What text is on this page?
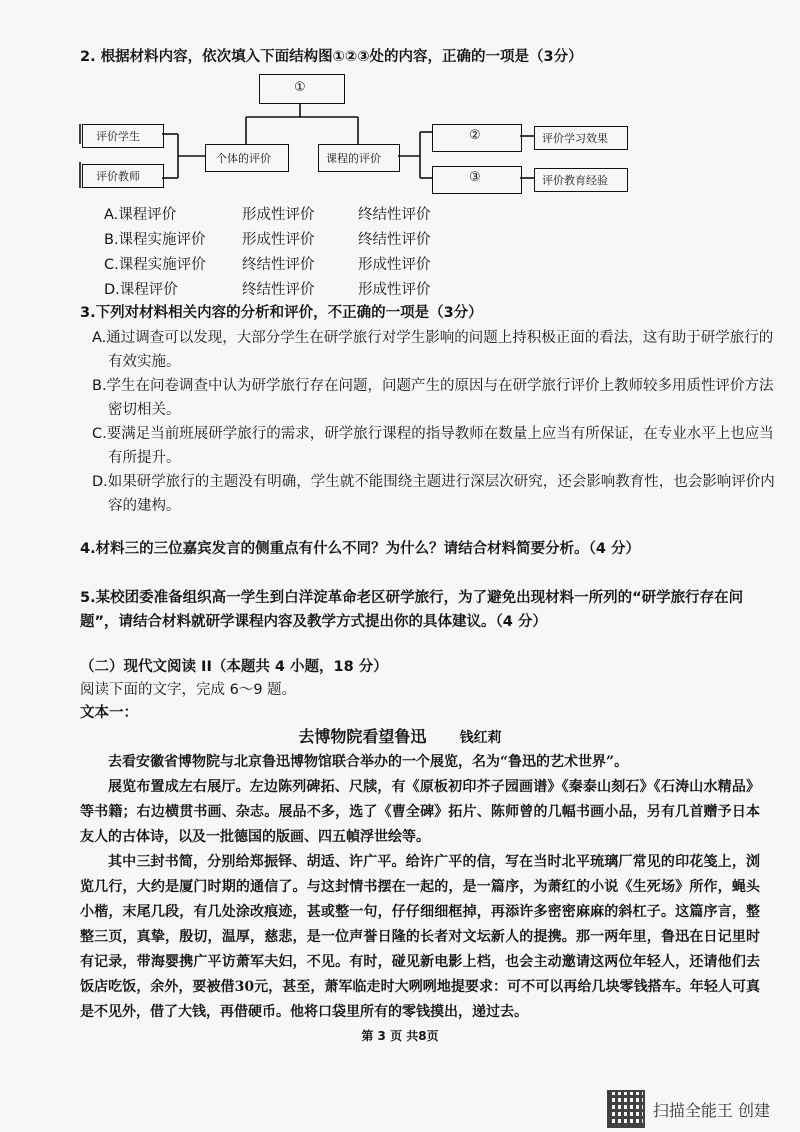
2. 根据材料内容，依次填入下面结构图①②③处的内容，正确的一项是（3分）
①
评价学生
评价教师
个体的评价	课程的评价
②
③
评价学习效果
评价教育经验
A.课程评价	形成性评价	终结性评价
B.课程实施评价	形成性评价	终结性评价
C.课程实施评价	终结性评价	形成性评价
D.课程评价	终结性评价	形成性评价
3.下列对材料相关内容的分析和评价，不正确的一项是（3分）
A.通过调查可以发现，大部分学生在研学旅行对学生影响的问题上持积极正面的看法，这有助于研学旅行的有效实施。
B.学生在问卷调查中认为研学旅行存在问题，问题产生的原因与在研学旅行评价上教师较多用质性评价方法密切相关。
C.要满足当前班展研学旅行的需求，研学旅行课程的指导教师在数量上应当有所保证，在专业水平上也应当有所提升。
D.如果研学旅行的主题没有明确，学生就不能围绕主题进行深层次研究，还会影响教育性，也会影响评价内容的建构。
4.材料三的三位嘉宾发言的侧重点有什么不同？为什么？请结合材料简要分析。（4 分）
5.某校团委准备组织高一学生到白洋淀革命老区研学旅行，为了避免出现材料一所列的“研学旅行存在问题”，请结合材料就研学课程内容及教学方式提出你的具体建议。（4 分）
（二）现代文阅读 II（本题共 4 小题，18 分）
阅读下面的文字，完成 6～9 题。
文本一：
去博物院看望鲁迅 钱红莉

去看安徽省博物院与北京鲁迅博物馆联合举办的一个展览，名为“鲁迅的艺术世界”。

展览布置成左右展厅。左边陈列碑拓、尺牍，有《原板初印芥子园画谱》《秦泰山刻石》《石涛山水精品》等书籍；右边横贯书画、杂志。展品不多，选了《曹全碑》拓片、陈师曾的几幅书画小品，另有几首赠予日本友人的古体诗，以及一批德国的版画、四五幀浮世绘等。

其中三封书简，分别给郑振铎、胡适、许广平。给许广平的信，写在当时北平琉璃厂常见的印花笺上，浏览几行，大约是厦门时期的通信了。与这封情书摆在一起的，是一篇序，为萧红的小说《生死场》所作，蝇头小楷，末尾几段，有几处涂改痕迹，甚或整一句，仔仔细细框掉，再添许多密密麻麻的斜杠子。这篇序言，整整三页，真挚，殷切，温厚，慈悲，是一位声誉日隆的长者对文坛新人的提携。那一两年里，鲁迅在日记里时有记录，带海婴携广平访萧军夫妇，不见。有时，碰见新电影上档，也会主动邀请这两位年轻人，还请他们去饭店吃饭，余外，要被借30元，甚至，萧军临走时大咧咧地提要求：可不可以再给几块零钱搭车。年轻人可真是不见外，借了大钱，再借硬币。他将口袋里所有的零钱摸出，递过去。

第 3 页 共8页
扫描全能王 创建
